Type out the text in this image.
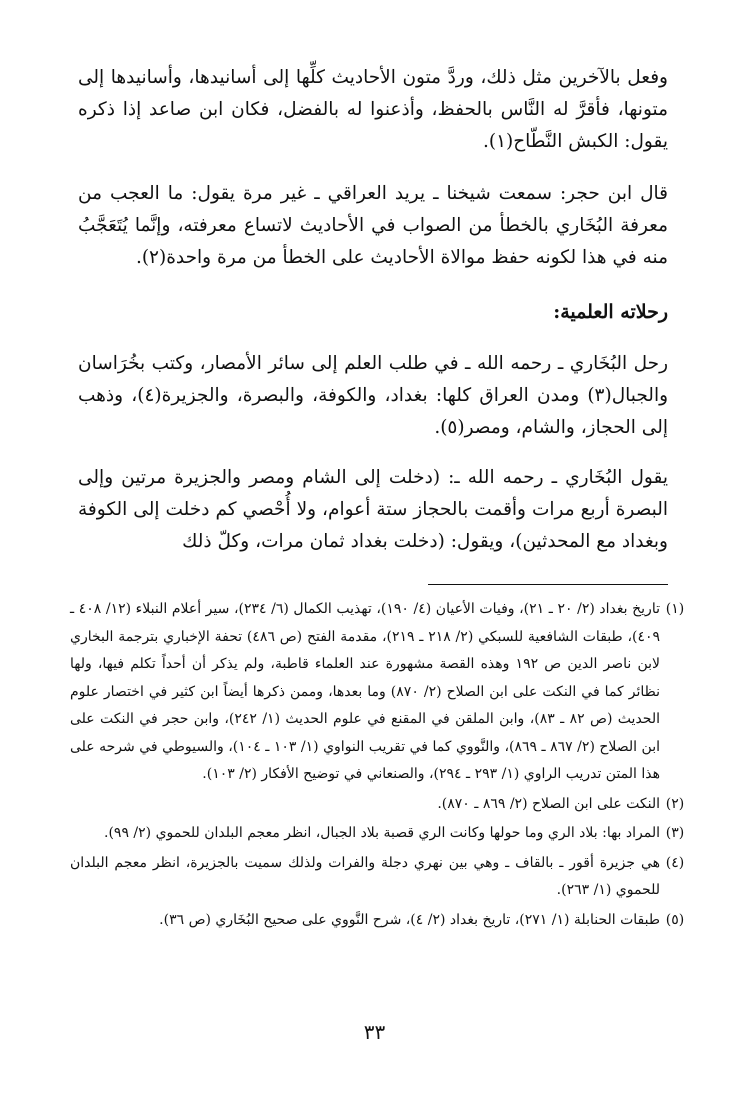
وفعل بالآخرين مثل ذلك، وردَّ متون الأحاديث كلِّها إلى أسانيدها، وأسانيدها إلى متونها، فأقرَّ له النَّاس بالحفظ، وأذعنوا له بالفضل، فكان ابن صاعد إذا ذكره يقول: الكبش النَّطّاح(١).
قال ابن حجر: سمعت شيخنا ـ يريد العراقي ـ غير مرة يقول: ما العجب من معرفة البُخَاري بالخطأ من الصواب في الأحاديث لاتساع معرفته، وإنَّما يُتَعَجَّبُ منه في هذا لكونه حفظ موالاة الأحاديث على الخطأ من مرة واحدة(٢).
رحلاته العلمية:
رحل البُخَاري ـ رحمه الله ـ في طلب العلم إلى سائر الأمصار، وكتب بخُرَاسان والجبال(٣) ومدن العراق كلها: بغداد، والكوفة، والبصرة، والجزيرة(٤)، وذهب إلى الحجاز، والشام، ومصر(٥).
يقول البُخَاري ـ رحمه الله ـ: (دخلت إلى الشام ومصر والجزيرة مرتين وإلى البصرة أربع مرات وأقمت بالحجاز ستة أعوام، ولا أُحْصي كم دخلت إلى الكوفة وبغداد مع المحدثين)، ويقول: (دخلت بغداد ثمان مرات، وكلّ ذلك
(١)
تاريخ بغداد (٢/ ٢٠ ـ ٢١)، وفيات الأعيان (٤/ ١٩٠)، تهذيب الكمال (٦/ ٢٣٤)، سير أعلام النبلاء (١٢/ ٤٠٨ ـ ٤٠٩)، طبقات الشافعية للسبكي (٢/ ٢١٨ ـ ٢١٩)، مقدمة الفتح (ص ٤٨٦) تحفة الإخباري بترجمة البخاري لابن ناصر الدين ص ١٩٢ وهذه القصة مشهورة عند العلماء قاطبة، ولم يذكر أن أحداً تكلم فيها، ولها نظائر كما في النكت على ابن الصلاح (٢/ ٨٧٠) وما بعدها، وممن ذكرها أيضاً ابن كثير في اختصار علوم الحديث (ص ٨٢ ـ ٨٣)، وابن الملقن في المقنع في علوم الحديث (١/ ٢٤٢)، وابن حجر في النكت على ابن الصلاح (٢/ ٨٦٧ ـ ٨٦٩)، والنَّووي كما في تقريب النواوي (١/ ١٠٣ ـ ١٠٤)، والسيوطي في شرحه على هذا المتن تدريب الراوي (١/ ٢٩٣ ـ ٢٩٤)، والصنعاني في توضيح الأفكار (٢/ ١٠٣).
(٢)
النكت على ابن الصلاح (٢/ ٨٦٩ ـ ٨٧٠).
(٣)
المراد بها: بلاد الري وما حولها وكانت الري قصبة بلاد الجبال، انظر معجم البلدان للحموي (٢/ ٩٩).
(٤)
هي جزيرة أقور ـ بالقاف ـ وهي بين نهري دجلة والفرات ولذلك سميت بالجزيرة، انظر معجم البلدان للحموي (١/ ٢٦٣).
(٥)
طبقات الحنابلة (١/ ٢٧١)، تاريخ بغداد (٢/ ٤)، شرح النَّووي على صحيح البُخَاري (ص ٣٦).
٣٣
